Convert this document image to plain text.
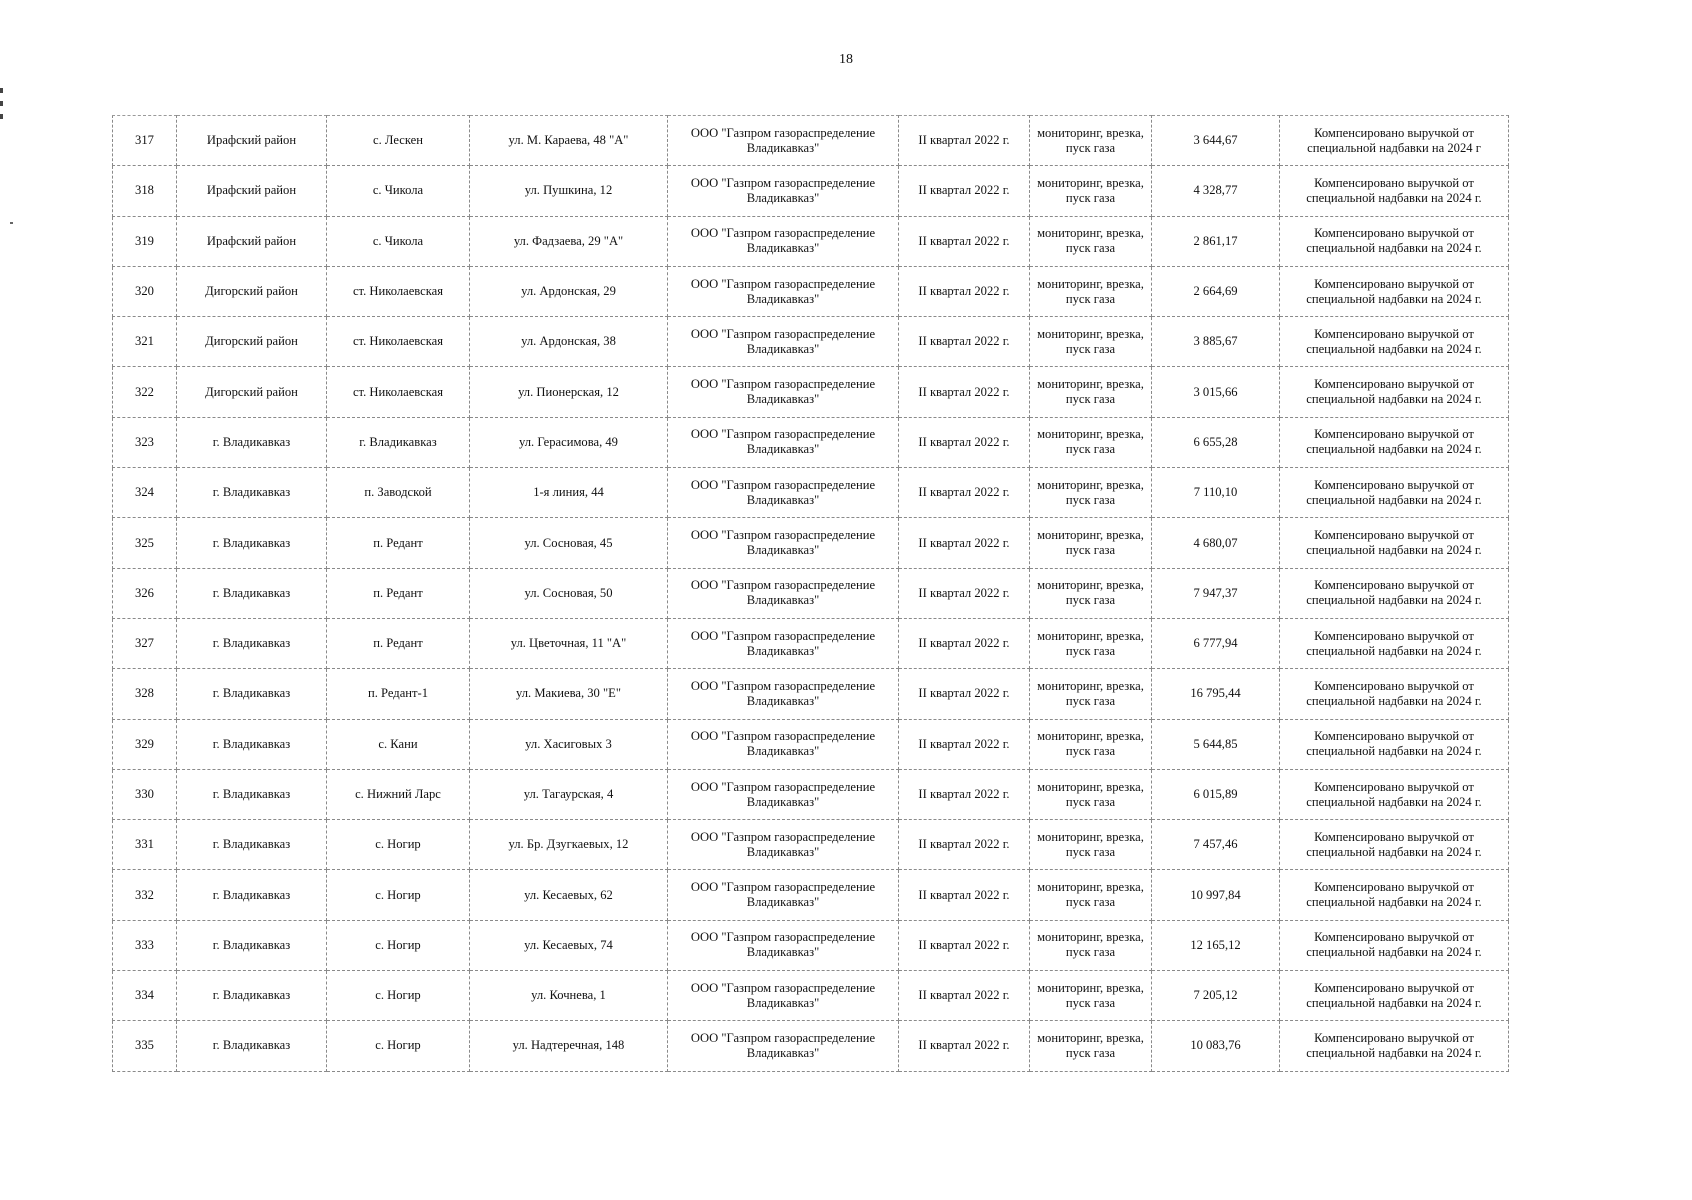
18
317	Ирафский район	с. Лескен	ул. М. Караева, 48 "А"	ООО "Газпром газораспределение Владикавказ"	II квартал 2022 г.	мониторинг, врезка, пуск газа	3 644,67	Компенсировано выручкой от специальной надбавки на 2024 г
318	Ирафский район	с. Чикола	ул. Пушкина, 12	ООО "Газпром газораспределение Владикавказ"	II квартал 2022 г.	мониторинг, врезка, пуск газа	4 328,77	Компенсировано выручкой от специальной надбавки на 2024 г.
319	Ирафский район	с. Чикола	ул. Фадзаева, 29 "А"	ООО "Газпром газораспределение Владикавказ"	II квартал 2022 г.	мониторинг, врезка, пуск газа	2 861,17	Компенсировано выручкой от специальной надбавки на 2024 г.
320	Дигорский район	ст. Николаевская	ул. Ардонская, 29	ООО "Газпром газораспределение Владикавказ"	II квартал 2022 г.	мониторинг, врезка, пуск газа	2 664,69	Компенсировано выручкой от специальной надбавки на 2024 г.
321	Дигорский район	ст. Николаевская	ул. Ардонская, 38	ООО "Газпром газораспределение Владикавказ"	II квартал 2022 г.	мониторинг, врезка, пуск газа	3 885,67	Компенсировано выручкой от специальной надбавки на 2024 г.
322	Дигорский район	ст. Николаевская	ул. Пионерская, 12	ООО "Газпром газораспределение Владикавказ"	II квартал 2022 г.	мониторинг, врезка, пуск газа	3 015,66	Компенсировано выручкой от специальной надбавки на 2024 г.
323	г. Владикавказ	г. Владикавказ	ул. Герасимова, 49	ООО "Газпром газораспределение Владикавказ"	II квартал 2022 г.	мониторинг, врезка, пуск газа	6 655,28	Компенсировано выручкой от специальной надбавки на 2024 г.
324	г. Владикавказ	п. Заводской	1-я линия, 44	ООО "Газпром газораспределение Владикавказ"	II квартал 2022 г.	мониторинг, врезка, пуск газа	7 110,10	Компенсировано выручкой от специальной надбавки на 2024 г.
325	г. Владикавказ	п. Редант	ул. Сосновая, 45	ООО "Газпром газораспределение Владикавказ"	II квартал 2022 г.	мониторинг, врезка, пуск газа	4 680,07	Компенсировано выручкой от специальной надбавки на 2024 г.
326	г. Владикавказ	п. Редант	ул. Сосновая, 50	ООО "Газпром газораспределение Владикавказ"	II квартал 2022 г.	мониторинг, врезка, пуск газа	7 947,37	Компенсировано выручкой от специальной надбавки на 2024 г.
327	г. Владикавказ	п. Редант	ул. Цветочная, 11 "А"	ООО "Газпром газораспределение Владикавказ"	II квартал 2022 г.	мониторинг, врезка, пуск газа	6 777,94	Компенсировано выручкой от специальной надбавки на 2024 г.
328	г. Владикавказ	п. Редант-1	ул. Макиева, 30 "Е"	ООО "Газпром газораспределение Владикавказ"	II квартал 2022 г.	мониторинг, врезка, пуск газа	16 795,44	Компенсировано выручкой от специальной надбавки на 2024 г.
329	г. Владикавказ	с. Кани	ул. Хасиговых 3	ООО "Газпром газораспределение Владикавказ"	II квартал 2022 г.	мониторинг, врезка, пуск газа	5 644,85	Компенсировано выручкой от специальной надбавки на 2024 г.
330	г. Владикавказ	с. Нижний Ларс	ул. Тагаурская, 4	ООО "Газпром газораспределение Владикавказ"	II квартал 2022 г.	мониторинг, врезка, пуск газа	6 015,89	Компенсировано выручкой от специальной надбавки на 2024 г.
331	г. Владикавказ	с. Ногир	ул. Бр. Дзугкаевых, 12	ООО "Газпром газораспределение Владикавказ"	II квартал 2022 г.	мониторинг, врезка, пуск газа	7 457,46	Компенсировано выручкой от специальной надбавки на 2024 г.
332	г. Владикавказ	с. Ногир	ул. Кесаевых, 62	ООО "Газпром газораспределение Владикавказ"	II квартал 2022 г.	мониторинг, врезка, пуск газа	10 997,84	Компенсировано выручкой от специальной надбавки на 2024 г.
333	г. Владикавказ	с. Ногир	ул. Кесаевых, 74	ООО "Газпром газораспределение Владикавказ"	II квартал 2022 г.	мониторинг, врезка, пуск газа	12 165,12	Компенсировано выручкой от специальной надбавки на 2024 г.
334	г. Владикавказ	с. Ногир	ул. Кочнева, 1	ООО "Газпром газораспределение Владикавказ"	II квартал 2022 г.	мониторинг, врезка, пуск газа	7 205,12	Компенсировано выручкой от специальной надбавки на 2024 г.
335	г. Владикавказ	с. Ногир	ул. Надтеречная, 148	ООО "Газпром газораспределение Владикавказ"	II квартал 2022 г.	мониторинг, врезка, пуск газа	10 083,76	Компенсировано выручкой от специальной надбавки на 2024 г.
